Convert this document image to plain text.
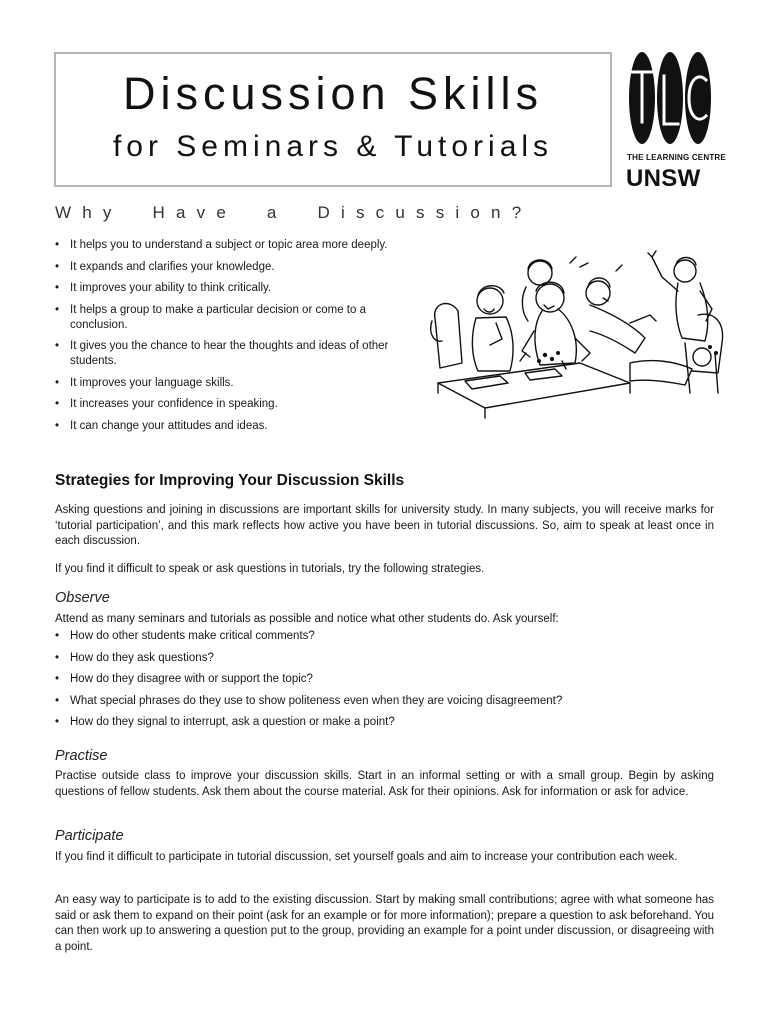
Discussion Skills
for Seminars & Tutorials	THE LEARNING CENTRE
UNSW
Why Have a Discussion?
• It helps you to understand a subject or topic area more deeply.
• It expands and clarifies your knowledge.
• It improves your ability to think critically.
• It helps a group to make a particular decision or come to a conclusion.
• It gives you the chance to hear the thoughts and ideas of other students.
• It improves your language skills.
• It increases your confidence in speaking.
• It can change your attitudes and ideas.
Strategies for Improving Your Discussion Skills

Asking questions and joining in discussions are important skills for university study. In many subjects, you will receive marks for ‘tutorial participation’, and this mark reflects how active you have been in tutorial discussions. So, aim to speak at least once in each discussion.

If you find it difficult to speak or ask questions in tutorials, try the following strategies.

Observe

Attend as many seminars and tutorials as possible and notice what other students do. Ask yourself:

• How do other students make critical comments?
• How do they ask questions?
• How do they disagree with or support the topic?
• What special phrases do they use to show politeness even when they are voicing disagreement?
• How do they signal to interrupt, ask a question or make a point?

Practise

Practise outside class to improve your discussion skills. Start in an informal setting or with a small group. Begin by asking questions of fellow students. Ask them about the course material. Ask for their opinions. Ask for information or ask for advice.

Participate

If you find it difficult to participate in tutorial discussion, set yourself goals and aim to increase your contribution each week.

An easy way to participate is to add to the existing discussion. Start by making small contributions; agree with what someone has said or ask them to expand on their point (ask for an example or for more information); prepare a question to ask beforehand. You can then work up to answering a question put to the group, providing an example for a point under discussion, or disagreeing with a point.
